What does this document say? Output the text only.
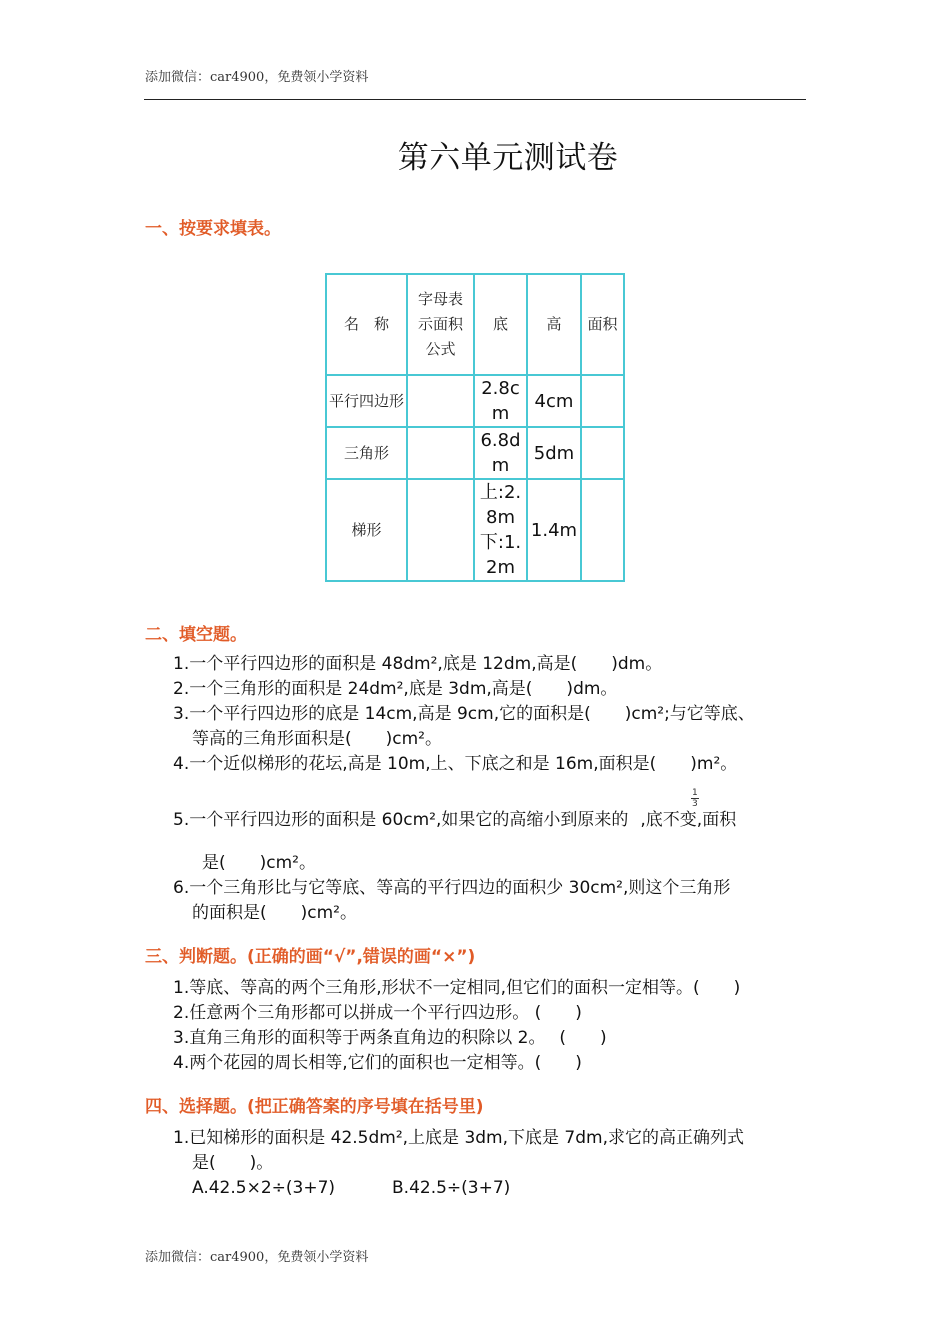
添加微信：car4900，免费领小学资料
第六单元测试卷
一、按要求填表。
名　称	字母表示面积公式	底	高	面积

平行四边形		2.8cm	4cm	
三角形		6.8dm	5dm	
梯形		上:2.8m下:1.2m	1.4m	
二、填空题。
1.一个平行四边形的面积是 48dm²,底是 12dm,高是(　　)dm。
2.一个三角形的面积是 24dm²,底是 3dm,高是(　　)dm。
3.一个平行四边形的底是 14cm,高是 9cm,它的面积是(　　)cm²;与它等底、
等高的三角形面积是(　　)cm²。
4.一个近似梯形的花坛,高是 10m,上、下底之和是 16m,面积是(　　)m²。
5.一个平行四边形的面积是 60cm²,如果它的高缩小到原来的 ,底不变,面积
$\frac{1}{3}$
是(　　)cm²。
6.一个三角形比与它等底、等高的平行四边的面积少 30cm²,则这个三角形
的面积是(　　)cm²。
三、判断题。(正确的画“√”,错误的画“×”)
1.等底、等高的两个三角形,形状不一定相同,但它们的面积一定相等。(　　)
2.任意两个三角形都可以拼成一个平行四边形。 (　　)
3.直角三角形的面积等于两条直角边的积除以 2。　 (　　)
4.两个花园的周长相等,它们的面积也一定相等。(　　)
四、选择题。(把正确答案的序号填在括号里)
1.已知梯形的面积是 42.5dm²,上底是 3dm,下底是 7dm,求它的高正确列式
是(　　)。
A.42.5×2÷(3+7)	B.42.5÷(3+7)
添加微信：car4900，免费领小学资料
